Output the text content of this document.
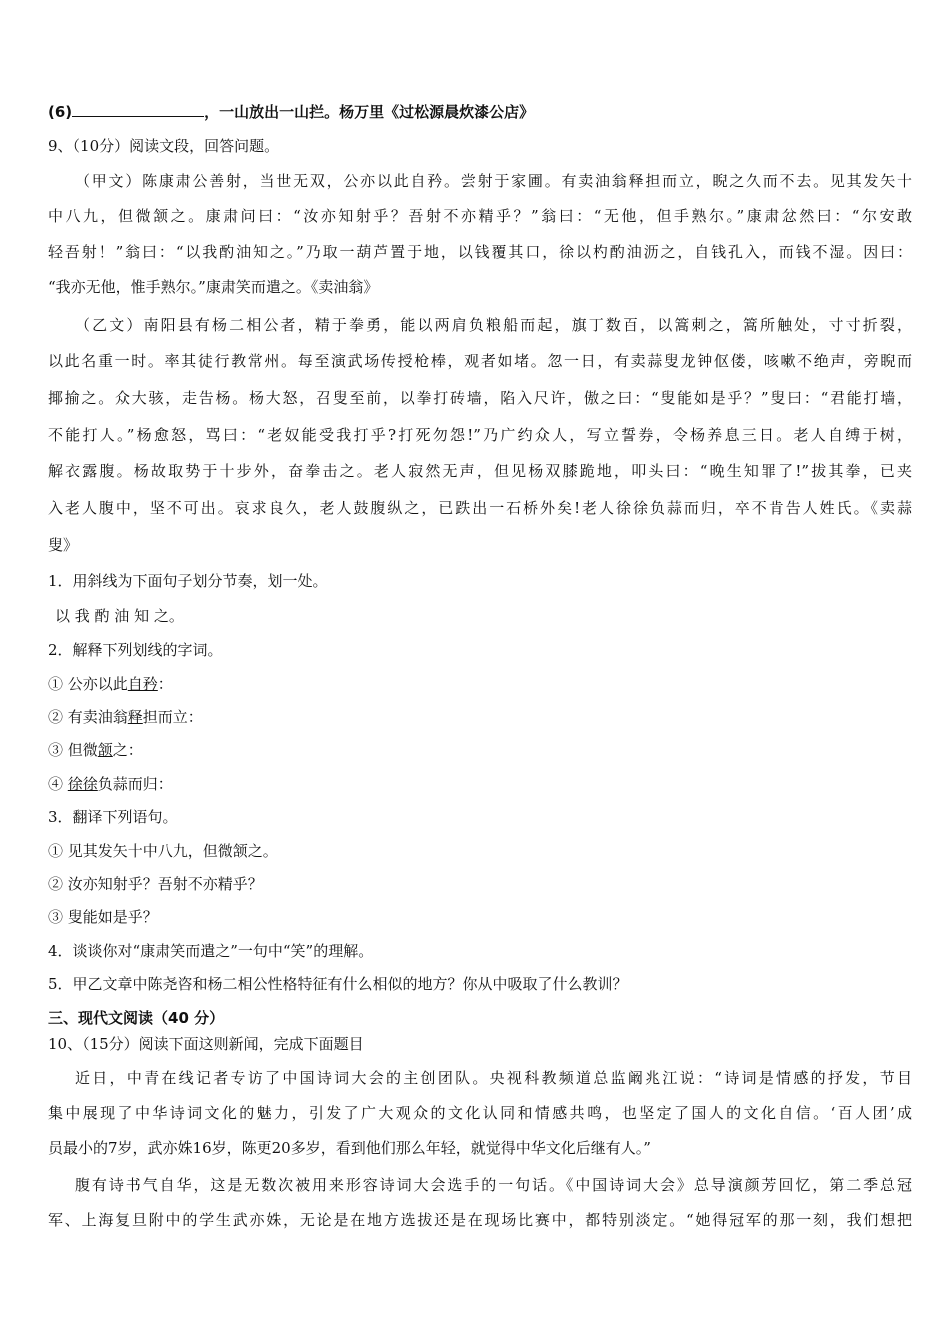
(6)	，一山放出一山拦。杨万里《过松源晨炊漆公店》
9、（10分）阅读文段，回答问题。
（甲文）陈康肃公善射，当世无双，公亦以此自矜。尝射于家圃。有卖油翁释担而立，睨之久而不去。见其发矢十
中八九，但微颔之。康肃问曰：“汝亦知射乎？吾射不亦精乎？”翁曰：“无他，但手熟尔。”康肃忿然曰：“尔安敢
轻吾射！”翁曰：“以我酌油知之。”乃取一葫芦置于地，以钱覆其口，徐以杓酌油沥之，自钱孔入，而钱不湿。因曰：
“我亦无他，惟手熟尔。”康肃笑而遣之。《卖油翁》
（乙文）南阳县有杨二相公者，精于拳勇，能以两肩负粮船而起，旗丁数百，以篙刺之，篙所触处，寸寸折裂，
以此名重一时。率其徒行教常州。每至演武场传授枪棒，观者如堵。忽一日，有卖蒜叟龙钟伛偻，咳嗽不绝声，旁睨而
揶揄之。众大骇，走告杨。杨大怒，召叟至前，以拳打砖墙，陷入尺许，傲之曰：“叟能如是乎？”叟曰：“君能打墙，
不能打人。”杨愈怒，骂曰：“老奴能受我打乎?打死勿怨!”乃广约众人，写立誓券，令杨养息三日。老人自缚于树，
解衣露腹。杨故取势于十步外，奋拳击之。老人寂然无声，但见杨双膝跪地，叩头曰：“晚生知罪了!”拔其拳，已夹
入老人腹中，坚不可出。哀求良久，老人鼓腹纵之，已跌出一石桥外矣!老人徐徐负蒜而归，卒不肯告人姓氏。《卖蒜
叟》
1．用斜线为下面句子划分节奏，划一处。
以 我 酌 油 知 之。
2．解释下列划线的字词。
① 公亦以此自矜：
② 有卖油翁释担而立：
③ 但微颔之：
④ 徐徐负蒜而归：
3．翻译下列语句。
① 见其发矢十中八九，但微颔之。
② 汝亦知射乎？吾射不亦精乎？
③ 叟能如是乎？
4．谈谈你对“康肃笑而遣之”一句中“笑”的理解。
5．甲乙文章中陈尧咨和杨二相公性格特征有什么相似的地方？你从中吸取了什么教训？
三、现代文阅读（40 分）
10、（15分）阅读下面这则新闻，完成下面题目
近日，中青在线记者专访了中国诗词大会的主创团队。央视科教频道总监阚兆江说：“诗词是情感的抒发，节目
集中展现了中华诗词文化的魅力，引发了广大观众的文化认同和情感共鸣，也坚定了国人的文化自信。‘百人团’成
员最小的7岁，武亦姝16岁，陈更20多岁，看到他们那么年轻，就觉得中华文化后继有人。”
腹有诗书气自华，这是无数次被用来形容诗词大会选手的一句话。《中国诗词大会》总导演颜芳回忆，第二季总冠
军、上海复旦附中的学生武亦姝，无论是在地方选拔还是在现场比赛中，都特别淡定。“她得冠军的那一刻，我们想把
